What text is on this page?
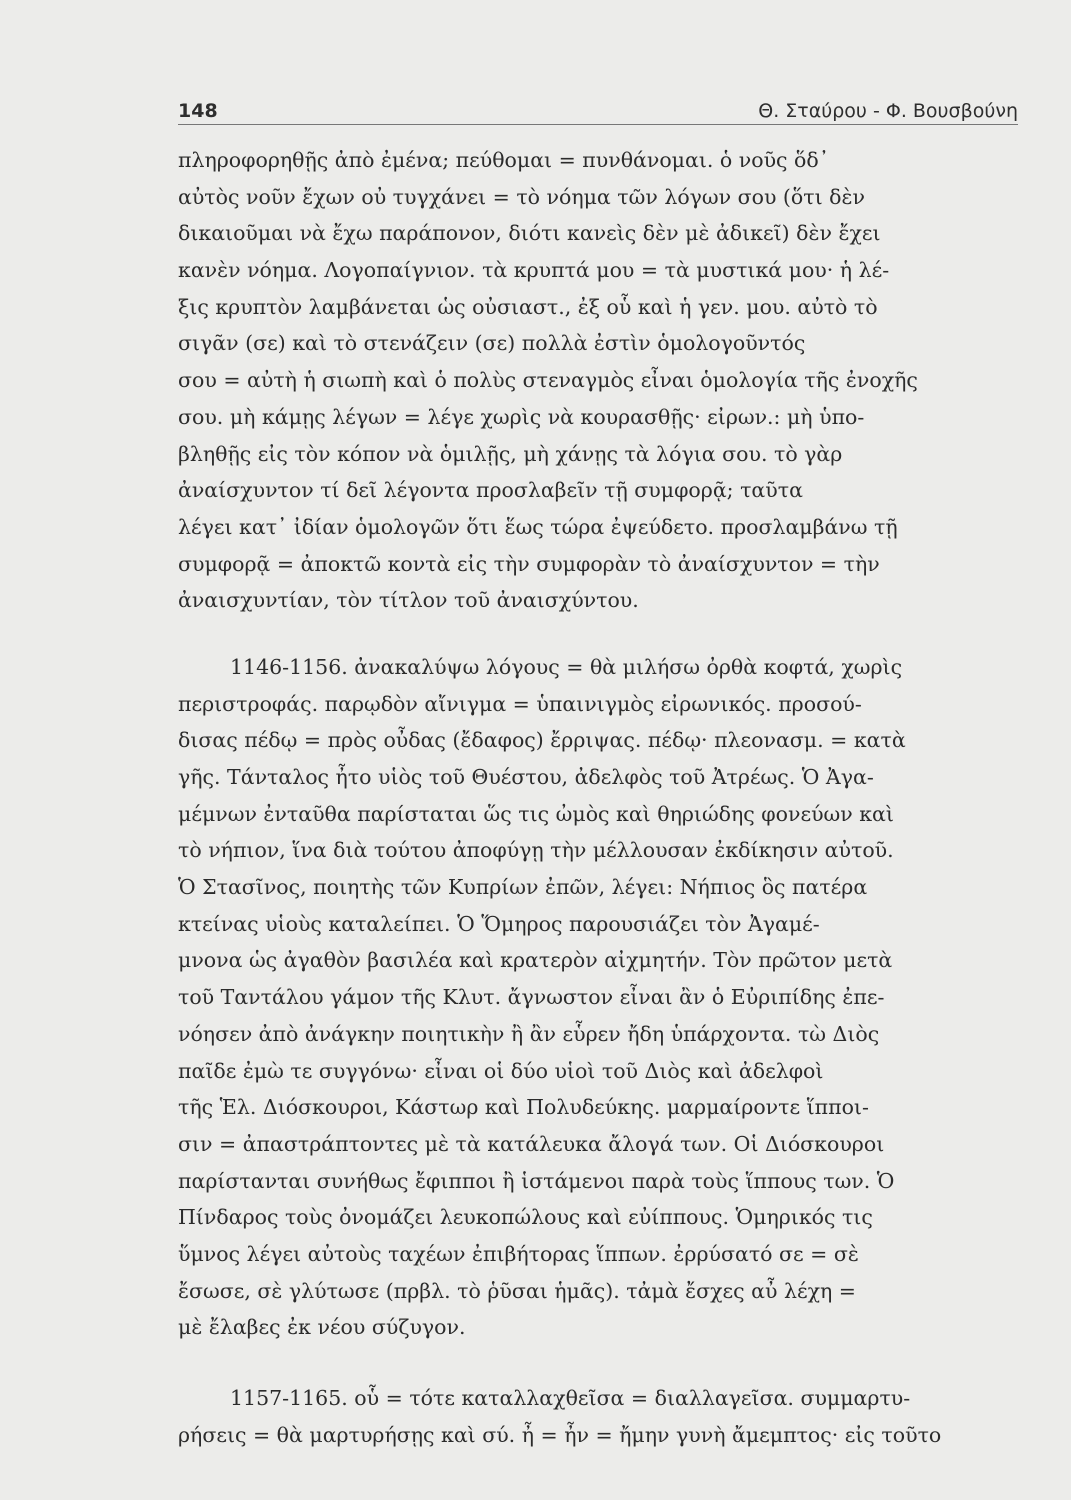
148	Θ. Σταύρου - Φ. Βουσβούνη
πληροφορηθῇς ἀπὸ ἐμένα; πεύθομαι = πυνθάνομαι. ὁ νοῦς ὅδ᾽
αὐτὸς νοῦν ἔχων οὐ τυγχάνει = τὸ νόημα τῶν λόγων σου (ὅτι δὲν
δικαιοῦμαι νὰ ἔχω παράπονον, διότι κανεὶς δὲν μὲ ἀδικεῖ) δὲν ἔχει
κανὲν νόημα. Λογοπαίγνιον. τὰ κρυπτά μου = τὰ μυστικά μου· ἡ λέ-
ξις κρυπτὸν λαμβάνεται ὡς οὐσιαστ., ἐξ οὗ καὶ ἡ γεν. μου. αὐτὸ τὸ
σιγᾶν (σε) καὶ τὸ στενάζειν (σε) πολλὰ ἐστὶν ὁμολογοῦντός
σου = αὐτὴ ἡ σιωπὴ καὶ ὁ πολὺς στεναγμὸς εἶναι ὁμολογία τῆς ἐνοχῆς
σου. μὴ κάμῃς λέγων = λέγε χωρὶς νὰ κουρασθῇς· εἰρων.: μὴ ὑπο-
βληθῇς εἰς τὸν κόπον νὰ ὁμιλῇς, μὴ χάνῃς τὰ λόγια σου. τὸ γὰρ
ἀναίσχυντον τί δεῖ λέγοντα προσλαβεῖν τῇ συμφορᾷ; ταῦτα
λέγει κατ᾽ ἰδίαν ὁμολογῶν ὅτι ἕως τώρα ἐψεύδετο. προσλαμβάνω τῇ
συμφορᾷ = ἀποκτῶ κοντὰ εἰς τὴν συμφορὰν τὸ ἀναίσχυντον = τὴν
ἀναισχυντίαν, τὸν τίτλον τοῦ ἀναισχύντου.
1146-1156. ἀνακαλύψω λόγους = θὰ μιλήσω ὀρθὰ κοφτά, χωρὶς
περιστροφάς. παρῳδὸν αἴνιγμα = ὑπαινιγμὸς εἰρωνικός. προσού-
δισας πέδῳ = πρὸς οὖδας (ἔδαφος) ἔρριψας. πέδῳ· πλεονασμ. = κατὰ
γῆς. Τάνταλος ἦτο υἱὸς τοῦ Θυέστου, ἀδελφὸς τοῦ Ἀτρέως. Ὁ Ἀγα-
μέμνων ἐνταῦθα παρίσταται ὥς τις ὠμὸς καὶ θηριώδης φονεύων καὶ
τὸ νήπιον, ἵνα διὰ τούτου ἀποφύγῃ τὴν μέλλουσαν ἐκδίκησιν αὐτοῦ.
Ὁ Στασῖνος, ποιητὴς τῶν Κυπρίων ἐπῶν, λέγει: Νήπιος ὃς πατέρα
κτείνας υἱοὺς καταλείπει. Ὁ Ὅμηρος παρουσιάζει τὸν Ἀγαμέ-
μνονα ὡς ἀγαθὸν βασιλέα καὶ κρατερὸν αἰχμητήν. Τὸν πρῶτον μετὰ
τοῦ Ταντάλου γάμον τῆς Κλυτ. ἄγνωστον εἶναι ἂν ὁ Εὐριπίδης ἐπε-
νόησεν ἀπὸ ἀνάγκην ποιητικὴν ἢ ἂν εὗρεν ἤδη ὑπάρχοντα. τὼ Διὸς
παῖδε ἐμὼ τε συγγόνω· εἶναι οἱ δύο υἱοὶ τοῦ Διὸς καὶ ἀδελφοὶ
τῆς Ἑλ. Διόσκουροι, Κάστωρ καὶ Πολυδεύκης. μαρμαίροντε ἵπποι-
σιν = ἀπαστράπτοντες μὲ τὰ κατάλευκα ἄλογά των. Οἱ Διόσκουροι
παρίστανται συνήθως ἔφιπποι ἢ ἱστάμενοι παρὰ τοὺς ἵππους των. Ὁ
Πίνδαρος τοὺς ὀνομάζει λευκοπώλους καὶ εὐίππους. Ὁμηρικός τις
ὕμνος λέγει αὐτοὺς ταχέων ἐπιβήτορας ἵππων. ἐρρύσατό σε = σὲ
ἔσωσε, σὲ γλύτωσε (πρβλ. τὸ ῥῦσαι ἡμᾶς). τἀμὰ ἔσχες αὖ λέχη =
μὲ ἔλαβες ἐκ νέου σύζυγον.
1157-1165. οὗ = τότε καταλλαχθεῖσα = διαλλαγεῖσα. συμμαρτυ-
ρήσεις = θὰ μαρτυρήσῃς καὶ σύ. ἦ = ἦν = ἤμην γυνὴ ἄμεμπτος· εἰς τοῦτο
